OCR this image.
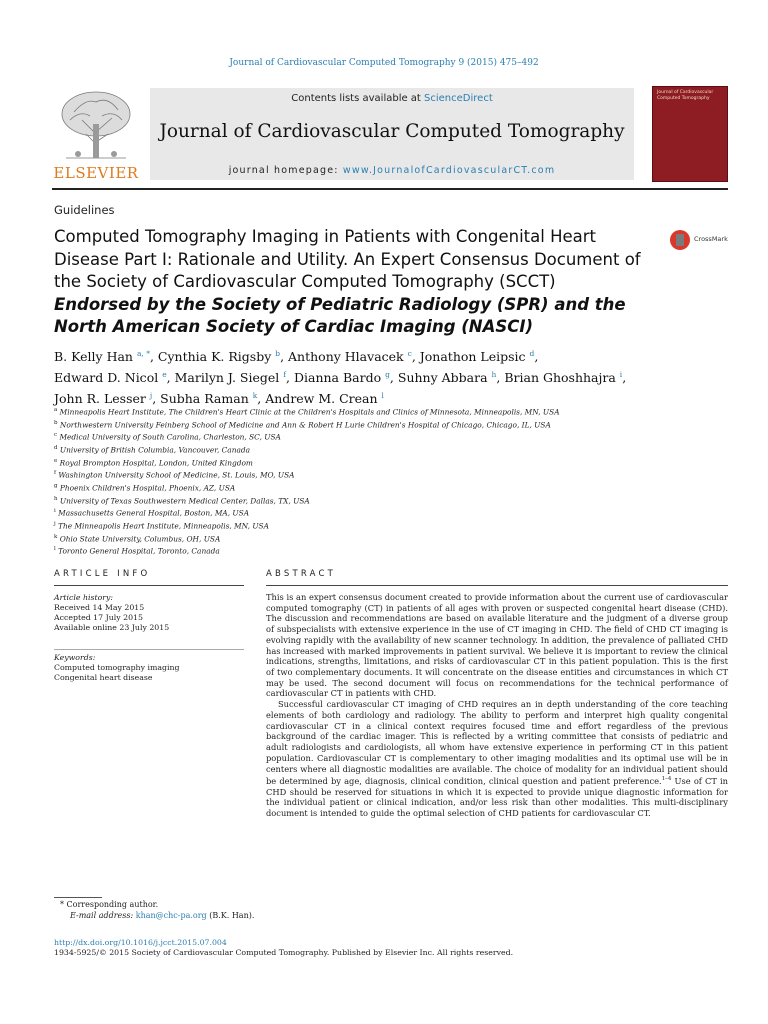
Journal of Cardiovascular Computed Tomography 9 (2015) 475–492
ELSEVIER
Contents lists available at ScienceDirect
Journal of Cardiovascular Computed Tomography
journal homepage: www.JournalofCardiovascularCT.com
Journal of Cardiovascular Computed Tomography
Guidelines
Computed Tomography Imaging in Patients with Congenital Heart Disease Part I: Rationale and Utility. An Expert Consensus Document of the Society of Cardiovascular Computed Tomography (SCCT)
Endorsed by the Society of Pediatric Radiology (SPR) and the North American Society of Cardiac Imaging (NASCI)
CrossMark
B. Kelly Han $^{a, *}$, Cynthia K. Rigsby $^b$, Anthony Hlavacek $^c$, Jonathon Leipsic $^d$,
Edward D. Nicol $^e$, Marilyn J. Siegel $^f$, Dianna Bardo $^g$, Suhny Abbara $^h$, Brian Ghoshhajra $^i$,
John R. Lesser $^j$, Subha Raman $^k$, Andrew M. Crean $^l$
$^a$ Minneapolis Heart Institute, The Children's Heart Clinic at the Children's Hospitals and Clinics of Minnesota, Minneapolis, MN, USA
$^b$ Northwestern University Feinberg School of Medicine and Ann & Robert H Lurie Children's Hospital of Chicago, Chicago, IL, USA
$^c$ Medical University of South Carolina, Charleston, SC, USA
$^d$ University of British Columbia, Vancouver, Canada
$^e$ Royal Brompton Hospital, London, United Kingdom
$^f$ Washington University School of Medicine, St. Louis, MO, USA
$^g$ Phoenix Children's Hospital, Phoenix, AZ, USA
$^h$ University of Texas Southwestern Medical Center, Dallas, TX, USA
$^i$ Massachusetts General Hospital, Boston, MA, USA
$^j$ The Minneapolis Heart Institute, Minneapolis, MN, USA
$^k$ Ohio State University, Columbus, OH, USA
$^l$ Toronto General Hospital, Toronto, Canada
ARTICLE INFO
Article history:
Received 14 May 2015
Accepted 17 July 2015
Available online 23 July 2015
Keywords:
Computed tomography imaging
Congenital heart disease
ABSTRACT

This is an expert consensus document created to provide information about the current use of cardiovascular computed tomography (CT) in patients of all ages with proven or suspected congenital heart disease (CHD). The discussion and recommendations are based on available literature and the judgment of a diverse group of subspecialists with extensive experience in the use of CT imaging in CHD. The field of CHD CT imaging is evolving rapidly with the availability of new scanner technology. In addition, the prevalence of palliated CHD has increased with marked improvements in patient survival. We believe it is important to review the clinical indications, strengths, limitations, and risks of cardiovascular CT in this patient population. This is the first of two complementary documents. It will concentrate on the disease entities and circumstances in which CT may be used. The second document will focus on recommendations for the technical performance of cardiovascular CT in patients with CHD.

Successful cardiovascular CT imaging of CHD requires an in depth understanding of the core teaching elements of both cardiology and radiology. The ability to perform and interpret high quality congenital cardiovascular CT in a clinical context requires focused time and effort regardless of the previous background of the cardiac imager. This is reflected by a writing committee that consists of pediatric and adult radiologists and cardiologists, all whom have extensive experience in performing CT in this patient population. Cardiovascular CT is complementary to other imaging modalities and its optimal use will be in centers where all diagnostic modalities are available. The choice of modality for an individual patient should be determined by age, diagnosis, clinical condition, clinical question and patient preference.$^{1-4}$ Use of CT in CHD should be reserved for situations in which it is expected to provide unique diagnostic information for the individual patient or clinical indication, and/or less risk than other modalities. This multi-disciplinary document is intended to guide the optimal selection of CHD patients for cardiovascular CT.

* Corresponding author.
E-mail address: khan@chc-pa.org (B.K. Han).
http://dx.doi.org/10.1016/j.jcct.2015.07.004
1934-5925/© 2015 Society of Cardiovascular Computed Tomography. Published by Elsevier Inc. All rights reserved.
